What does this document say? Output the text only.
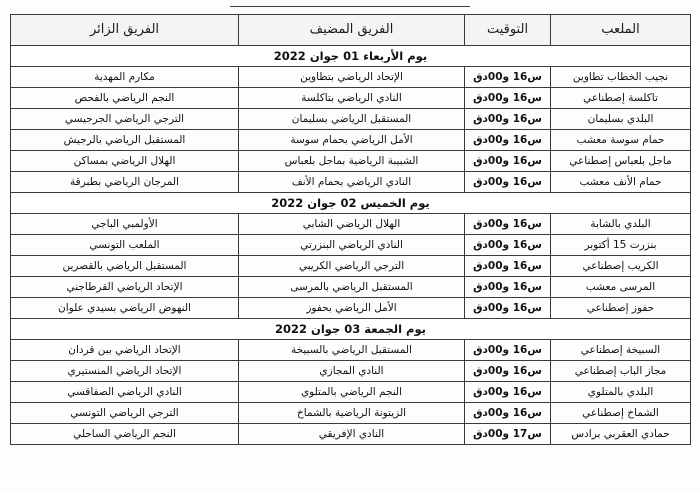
الملعب	التوقيت	الفريق المضيف	الفريق الزائر
يوم الأربعاء 01 جوان 2022			
نجيب الخطاب تطاوين	س16 و00دق	الإتحاد الرياضي بتطاوين	مكارم المهدية
تاكلسة إصطناعي	س16 و00دق	النادي الرياضي بتاكلسة	النجم الرياضي بالفحص
البلدي بسليمان	س16 و00دق	المستقبل الرياضي بسليمان	الترجي الرياضي الجرجيسي
حمام سوسة معشب	س16 و00دق	الأمل الرياضي بحمام سوسة	المستقبل الرياضي بالرجيش
ماجل بلعباس إصطناعي	س16 و00دق	الشبيبة الرياضية بماجل بلعباس	الهلال الرياضي بمساكن
حمام الأنف معشب	س16 و00دق	النادي الرياضي بحمام الأنف	المرجان الرياضي بطبرقة
يوم الخميس 02 جوان 2022			
البلدي بالشابة	س16 و00دق	الهلال الرياضي الشابي	الأولمبي الباجي
بنزرت 15 أكتوبر	س16 و00دق	النادي الرياضي البنزرتي	الملعب التونسي
الكريب إصطناعي	س16 و00دق	الترجي الرياضي الكريبي	المستقبل الرياضي بالقصرين
المرسى معشب	س16 و00دق	المستقبل الرياضي بالمرسى	الإتحاد الرياضي القرطاجني
حفوز إصطناعي	س16 و00دق	الأمل الرياضي بحفوز	النهوض الرياضي بسيدي علوان
يوم الجمعة 03 جوان 2022			
السبيخة إصطناعي	س16 و00دق	المستقبل الرياضي بالسبيخة	الإتحاد الرياضي ببن قردان
مجاز الباب إصطناعي	س16 و00دق	النادي المجازي	الإتحاد الرياضي المنستيري
البلدي بالمتلوي	س16 و00دق	النجم الرياضي بالمتلوي	النادي الرياضي الصفاقسي
الشماخ إصطناعي	س16 و00دق	الزيتونة الرياضية بالشماخ	الترجي الرياضي التونسي
حمادي العقربي برادس	س17 و00دق	النادي الإفريقي	النجم الرياضي الساحلي
